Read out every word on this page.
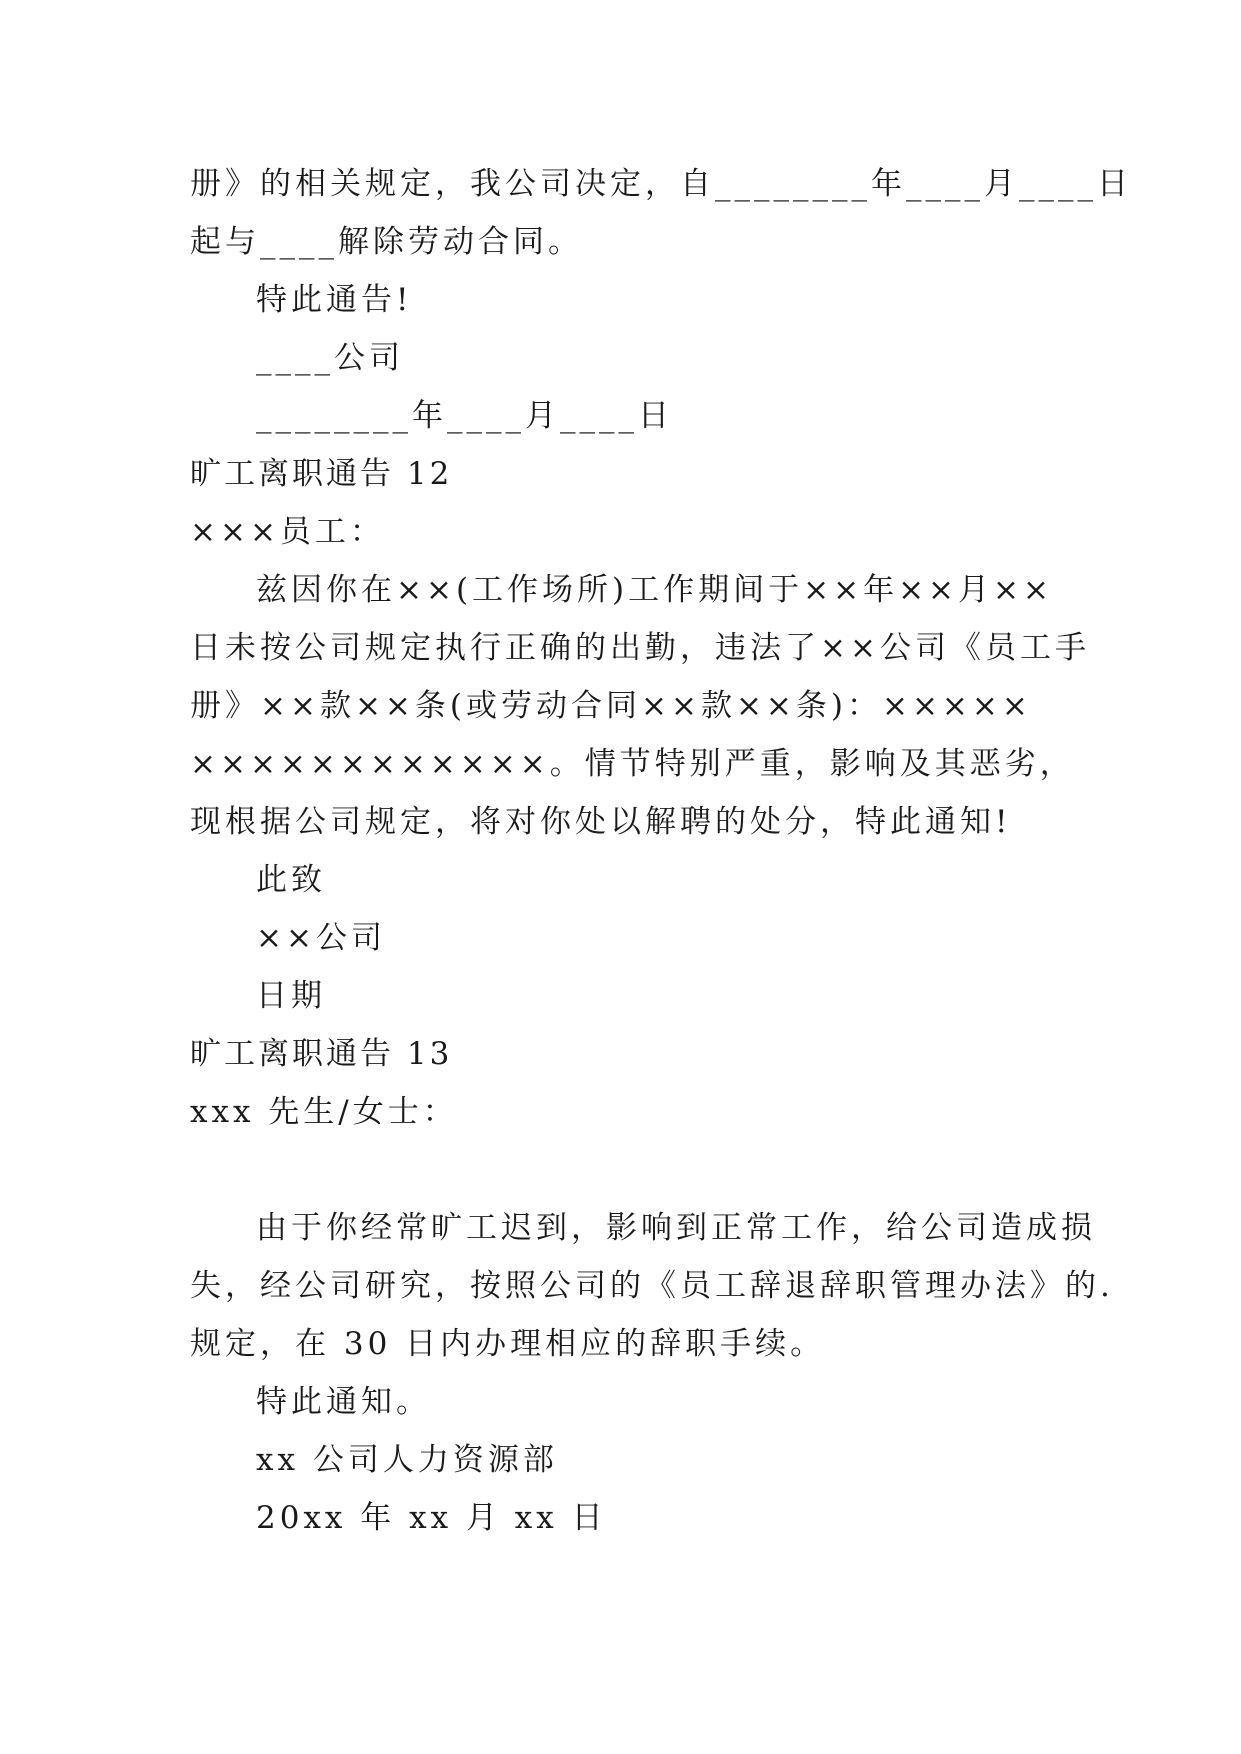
册》的相关规定，我公司决定，自________年____月____日
起与____解除劳动合同。
特此通告!
____公司
________年____月____日
旷工离职通告 12
×××员工：
兹因你在××(工作场所)工作期间于××年××月××
日未按公司规定执行正确的出勤，违法了××公司《员工手
册》××款××条(或劳动合同××款××条)：×××××
××××××××××××。情节特别严重，影响及其恶劣，
现根据公司规定，将对你处以解聘的处分，特此通知!
此致
××公司
日期
旷工离职通告 13
xxx 先生/女士：
由于你经常旷工迟到，影响到正常工作，给公司造成损
失，经公司研究，按照公司的《员工辞退辞职管理办法》的.
规定，在 30 日内办理相应的辞职手续。
特此通知。
xx 公司人力资源部
20xx 年 xx 月 xx 日
